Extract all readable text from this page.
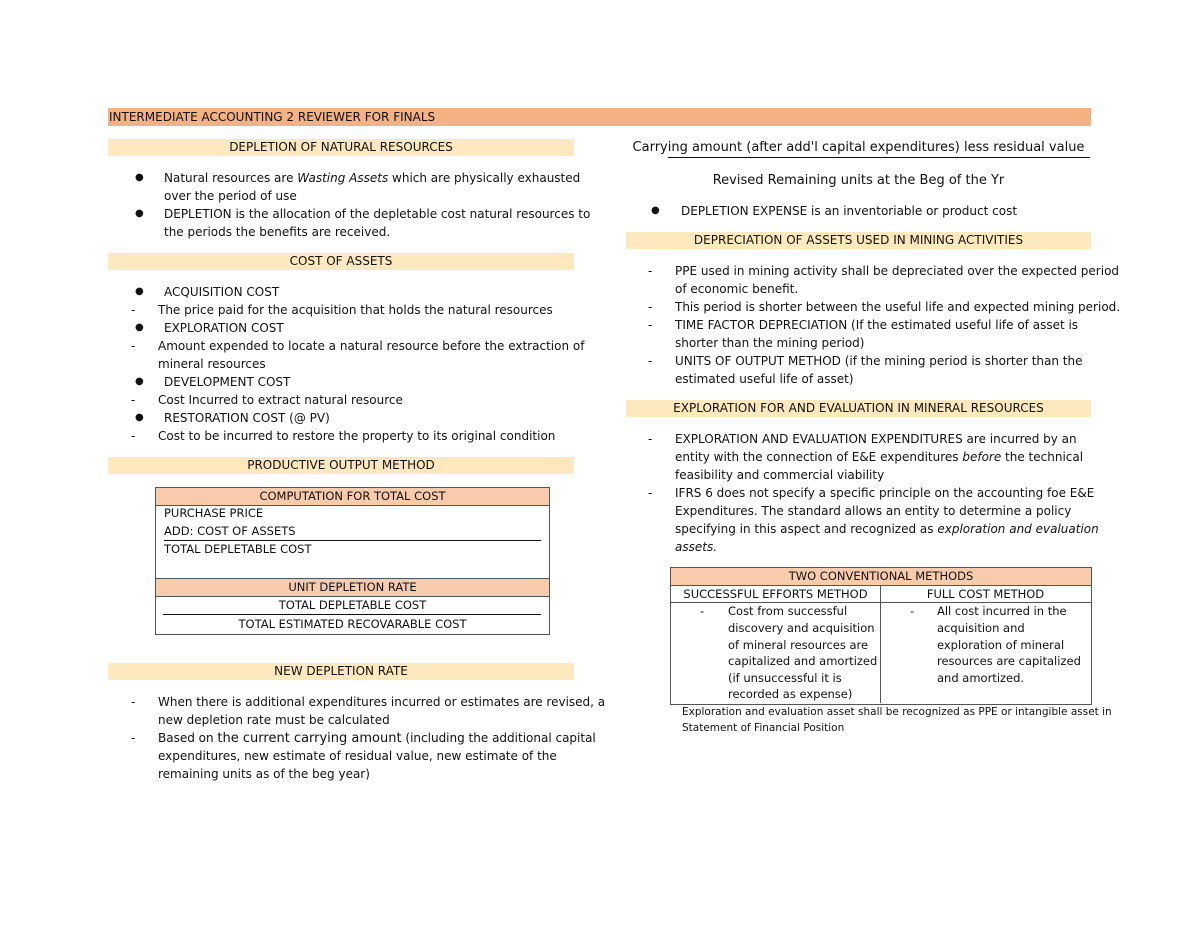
INTERMEDIATE ACCOUNTING 2 REVIEWER FOR FINALS
DEPLETION OF NATURAL RESOURCES
● Natural resources are Wasting Assets which are physically exhausted
over the period of use
● DEPLETION is the allocation of the depletable cost natural resources to
the periods the benefits are received.
COST OF ASSETS
● ACQUISITION COST
- The price paid for the acquisition that holds the natural resources
● EXPLORATION COST
- Amount expended to locate a natural resource before the extraction of
mineral resources
● DEVELOPMENT COST
- Cost Incurred to extract natural resource
● RESTORATION COST (@ PV)
- Cost to be incurred to restore the property to its original condition
PRODUCTIVE OUTPUT METHOD
COMPUTATION FOR TOTAL COST
PURCHASE PRICE
ADD: COST OF ASSETS
TOTAL DEPLETABLE COST
UNIT DEPLETION RATE
TOTAL DEPLETABLE COST
TOTAL ESTIMATED RECOVARABLE COST
NEW DEPLETION RATE
- When there is additional expenditures incurred or estimates are revised, a
new depletion rate must be calculated
- Based on the current carrying amount (including the additional capital
expenditures, new estimate of residual value, new estimate of the
remaining units as of the beg year)
Carrying amount (after add'l capital expenditures) less residual value
Revised Remaining units at the Beg of the Yr
● DEPLETION EXPENSE is an inventoriable or product cost
DEPRECIATION OF ASSETS USED IN MINING ACTIVITIES
- PPE used in mining activity shall be depreciated over the expected period
of economic benefit.
- This period is shorter between the useful life and expected mining period.
- TIME FACTOR DEPRECIATION (If the estimated useful life of asset is
shorter than the mining period)
- UNITS OF OUTPUT METHOD (if the mining period is shorter than the
estimated useful life of asset)
EXPLORATION FOR AND EVALUATION IN MINERAL RESOURCES
- EXPLORATION AND EVALUATION EXPENDITURES are incurred by an
entity with the connection of E&E expenditures before the technical
feasibility and commercial viability
- IFRS 6 does not specify a specific principle on the accounting foe E&E
Expenditures. The standard allows an entity to determine a policy
specifying in this aspect and recognized as exploration and evaluation
assets.
TWO CONVENTIONAL METHODS
SUCCESSFUL EFFORTS METHOD	FULL COST METHOD
- Cost from successful
discovery and acquisition
of mineral resources are
capitalized and amortized
(if unsuccessful it is
recorded as expense)
- All cost incurred in the
acquisition and
exploration of mineral
resources are capitalized
and amortized.
Exploration and evaluation asset shall be recognized as PPE or intangible asset in
Statement of Financial Position
